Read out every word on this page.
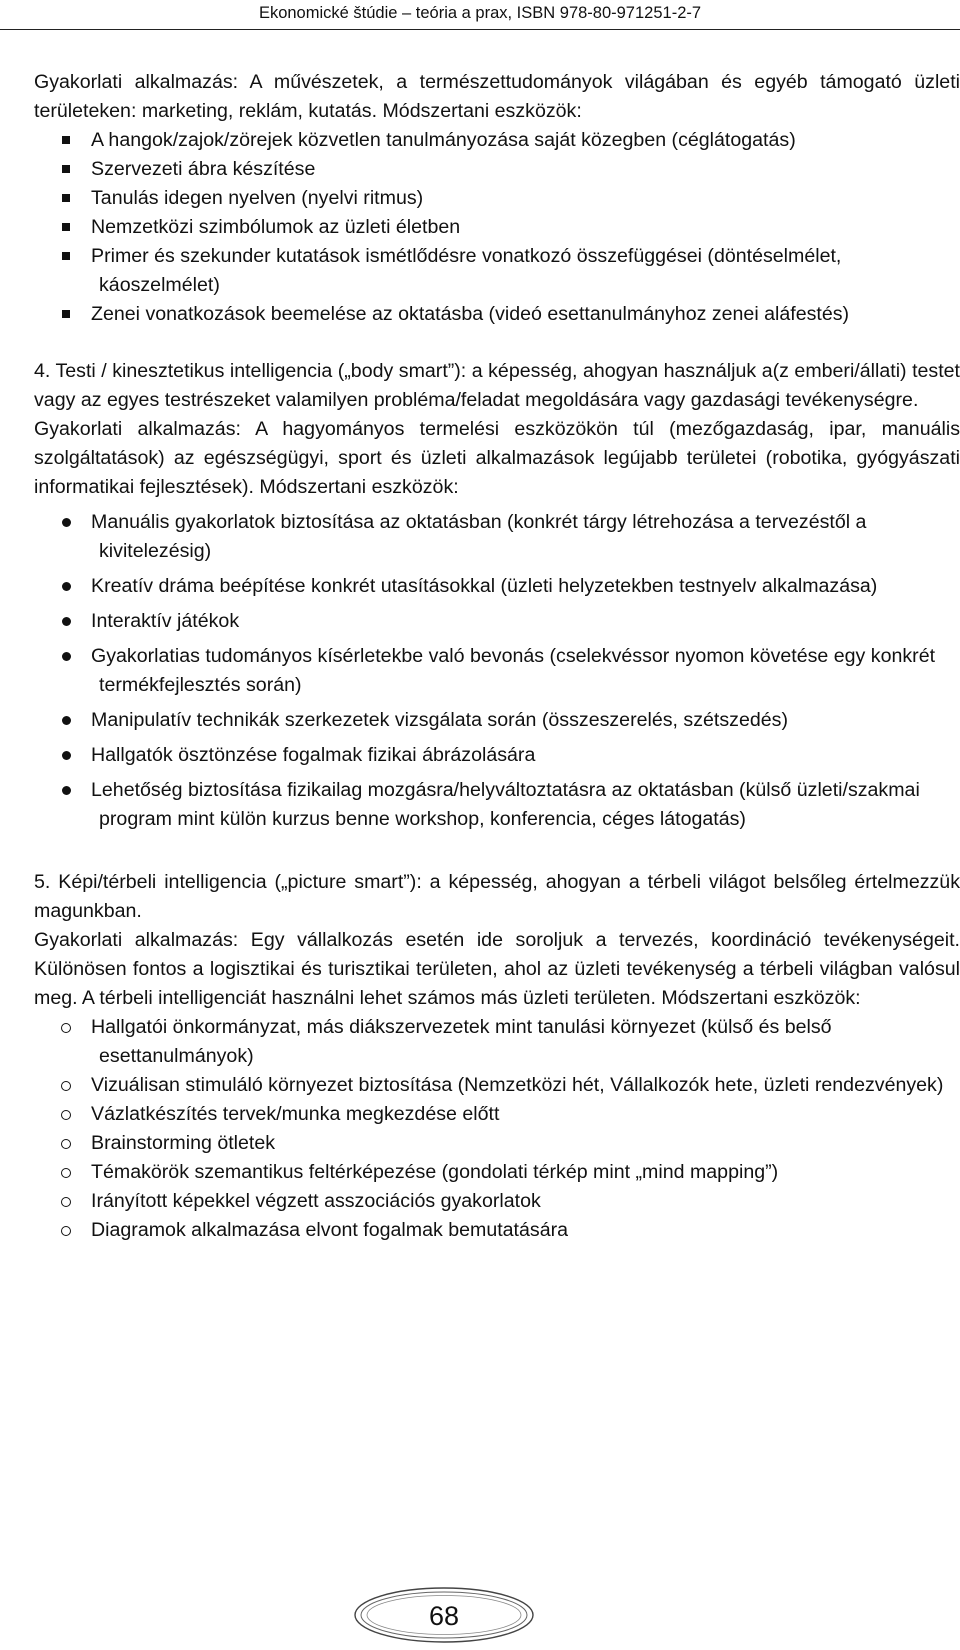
Ekonomické štúdie – teória a prax, ISBN 978-80-971251-2-7

Gyakorlati alkalmazás: A művészetek, a természettudományok világában és egyéb támogató üzleti területeken: marketing, reklám, kutatás. Módszertani eszközök:

A hangok/zajok/zörejek közvetlen tanulmányozása saját közegben (céglátogatás)
Szervezeti ábra készítése
Tanulás idegen nyelven (nyelvi ritmus)
Nemzetközi szimbólumok az üzleti életben
Primer és szekunder kutatások ismétlődésre vonatkozó összefüggései (döntéselmélet, káoszelmélet)
Zenei vonatkozások beemelése az oktatásba (videó esettanulmányhoz zenei aláfestés)

4. Testi / kinesztetikus intelligencia („body smart”): a képesség, ahogyan használjuk a(z emberi/állati) testet vagy az egyes testrészeket valamilyen probléma/feladat megoldására vagy gazdasági tevékenységre.

Gyakorlati alkalmazás: A hagyományos termelési eszközökön túl (mezőgazdaság, ipar, manuális szolgáltatások) az egészségügyi, sport és üzleti alkalmazások legújabb területei (robotika, gyógyászati informatikai fejlesztések). Módszertani eszközök:

Manuális gyakorlatok biztosítása az oktatásban (konkrét tárgy létrehozása a tervezéstől a kivitelezésig)
Kreatív dráma beépítése konkrét utasításokkal (üzleti helyzetekben testnyelv alkalmazása)
Interaktív játékok
Gyakorlatias tudományos kísérletekbe való bevonás (cselekvéssor nyomon követése egy konkrét termékfejlesztés során)
Manipulatív technikák szerkezetek vizsgálata során (összeszerelés, szétszedés)
Hallgatók ösztönzése fogalmak fizikai ábrázolására
Lehetőség biztosítása fizikailag mozgásra/helyváltoztatásra az oktatásban (külső üzleti/szakmai program mint külön kurzus benne workshop, konferencia, céges látogatás)

5. Képi/térbeli intelligencia („picture smart”): a képesség, ahogyan a térbeli világot belsőleg értelmezzük magunkban.

Gyakorlati alkalmazás: Egy vállalkozás esetén ide soroljuk a tervezés, koordináció tevékenységeit. Különösen fontos a logisztikai és turisztikai területen, ahol az üzleti tevékenység a térbeli világban valósul meg. A térbeli intelligenciát használni lehet számos más üzleti területen. Módszertani eszközök:

Hallgatói önkormányzat, más diákszervezetek mint tanulási környezet (külső és belső esettanulmányok)
Vizuálisan stimuláló környezet biztosítása (Nemzetközi hét, Vállalkozók hete, üzleti rendezvények)
Vázlatkészítés tervek/munka megkezdése előtt
Brainstorming ötletek
Témakörök szemantikus feltérképezése (gondolati térkép mint „mind mapping”)
Irányított képekkel végzett asszociációs gyakorlatok
Diagramok alkalmazása elvont fogalmak bemutatására
68
